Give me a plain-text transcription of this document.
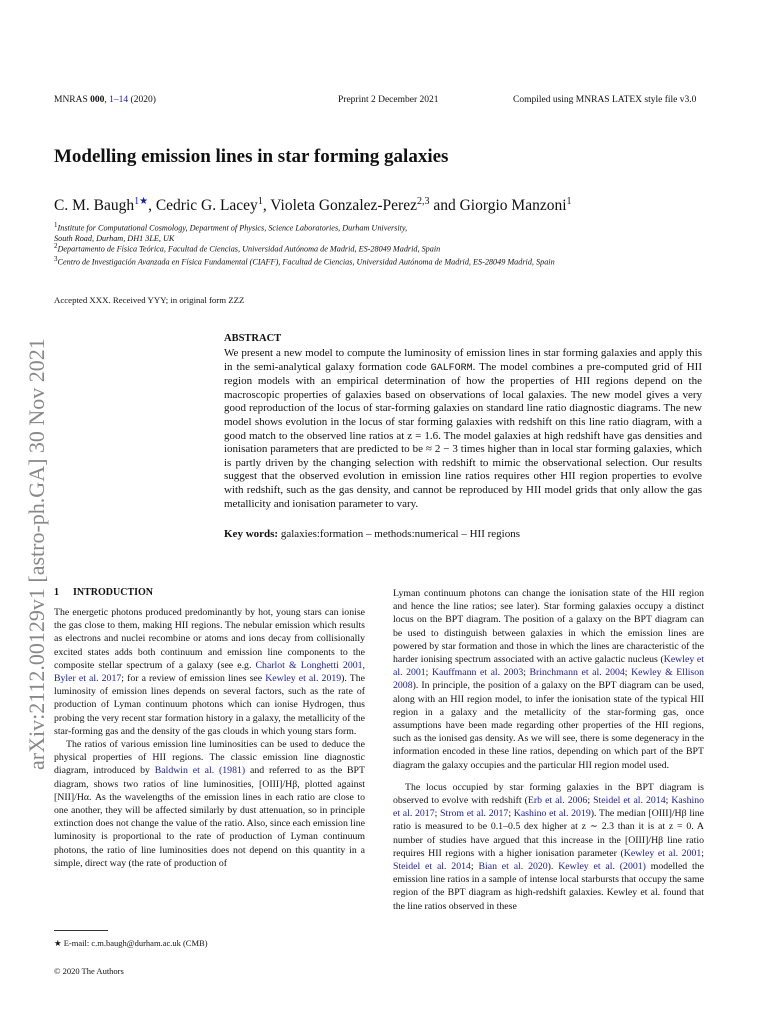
MNRAS 000, 1–14 (2020)	Preprint 2 December 2021	Compiled using MNRAS LATEX style file v3.0
arXiv:2112.00129v1 [astro-ph.GA] 30 Nov 2021
Modelling emission lines in star forming galaxies
C. M. Baugh$^{1★}$, Cedric G. Lacey$^1$, Violeta Gonzalez-Perez$^{2,3}$ and Giorgio Manzoni$^1$
$^1$Institute for Computational Cosmology, Department of Physics, Science Laboratories, Durham University,
South Road, Durham, DH1 3LE, UK
$^2$Departamento de Física Teórica, Facultad de Ciencias, Universidad Autónoma de Madrid, ES-28049 Madrid, Spain
$^3$Centro de Investigación Avanzada en Física Fundamental (CIAFF), Facultad de Ciencias, Universidad Autónoma de Madrid, ES-28049 Madrid, Spain
Accepted XXX. Received YYY; in original form ZZZ
ABSTRACT
We present a new model to compute the luminosity of emission lines in star forming galaxies and apply this in the semi-analytical galaxy formation code GALFORM. The model combines a pre-computed grid of HII region models with an empirical determination of how the properties of HII regions depend on the macroscopic properties of galaxies based on observations of local galaxies. The new model gives a very good reproduction of the locus of star-forming galaxies on standard line ratio diagnostic diagrams. The new model shows evolution in the locus of star forming galaxies with redshift on this line ratio diagram, with a good match to the observed line ratios at z = 1.6. The model galaxies at high redshift have gas densities and ionisation parameters that are predicted to be ≈ 2 − 3 times higher than in local star forming galaxies, which is partly driven by the changing selection with redshift to mimic the observational selection. Our results suggest that the observed evolution in emission line ratios requires other HII region properties to evolve with redshift, such as the gas density, and cannot be reproduced by HII model grids that only allow the gas metallicity and ionisation parameter to vary.
Key words: galaxies:formation – methods:numerical – HII regions
1 INTRODUCTION

The energetic photons produced predominantly by hot, young stars can ionise the gas close to them, making HII regions. The nebular emission which results as electrons and nuclei recombine or atoms and ions decay from collisionally excited states adds both continuum and emission line components to the composite stellar spectrum of a galaxy (see e.g. Charlot & Longhetti 2001, Byler et al. 2017; for a review of emission lines see Kewley et al. 2019). The luminosity of emission lines depends on several factors, such as the rate of production of Lyman continuum photons which can ionise Hydrogen, thus probing the very recent star formation history in a galaxy, the metallicity of the star-forming gas and the density of the gas clouds in which young stars form.

The ratios of various emission line luminosities can be used to deduce the physical properties of HII regions. The classic emission line diagnostic diagram, introduced by Baldwin et al. (1981) and referred to as the BPT diagram, shows two ratios of line luminosities, [OIII]/Hβ, plotted against [NII]/Hα. As the wavelengths of the emission lines in each ratio are close to one another, they will be affected similarly by dust attenuation, so in principle extinction does not change the value of the ratio. Also, since each emission line luminosity is proportional to the rate of production of Lyman continuum photons, the ratio of line luminosities does not depend on this quantity in a simple, direct way (the rate of production of

Lyman continuum photons can change the ionisation state of the HII region and hence the line ratios; see later). Star forming galaxies occupy a distinct locus on the BPT diagram. The position of a galaxy on the BPT diagram can be used to distinguish between galaxies in which the emission lines are powered by star formation and those in which the lines are characteristic of the harder ionising spectrum associated with an active galactic nucleus (Kewley et al. 2001; Kauffmann et al. 2003; Brinchmann et al. 2004; Kewley & Ellison 2008). In principle, the position of a galaxy on the BPT diagram can be used, along with an HII region model, to infer the ionisation state of the typical HII region in a galaxy and the metallicity of the star-forming gas, once assumptions have been made regarding other properties of the HII regions, such as the ionised gas density. As we will see, there is some degeneracy in the information encoded in these line ratios, depending on which part of the BPT diagram the galaxy occupies and the particular HII region model used.

The locus occupied by star forming galaxies in the BPT diagram is observed to evolve with redshift (Erb et al. 2006; Steidel et al. 2014; Kashino et al. 2017; Strom et al. 2017; Kashino et al. 2019). The median [OIII]/Hβ line ratio is measured to be 0.1–0.5 dex higher at z ∼ 2.3 than it is at z = 0. A number of studies have argued that this increase in the [OIII]/Hβ line ratio requires HII regions with a higher ionisation parameter (Kewley et al. 2001; Steidel et al. 2014; Bian et al. 2020). Kewley et al. (2001) modelled the emission line ratios in a sample of intense local starbursts that occupy the same region of the BPT diagram as high-redshift galaxies. Kewley et al. found that the line ratios observed in these

★ E-mail: c.m.baugh@durham.ac.uk (CMB)
© 2020 The Authors
